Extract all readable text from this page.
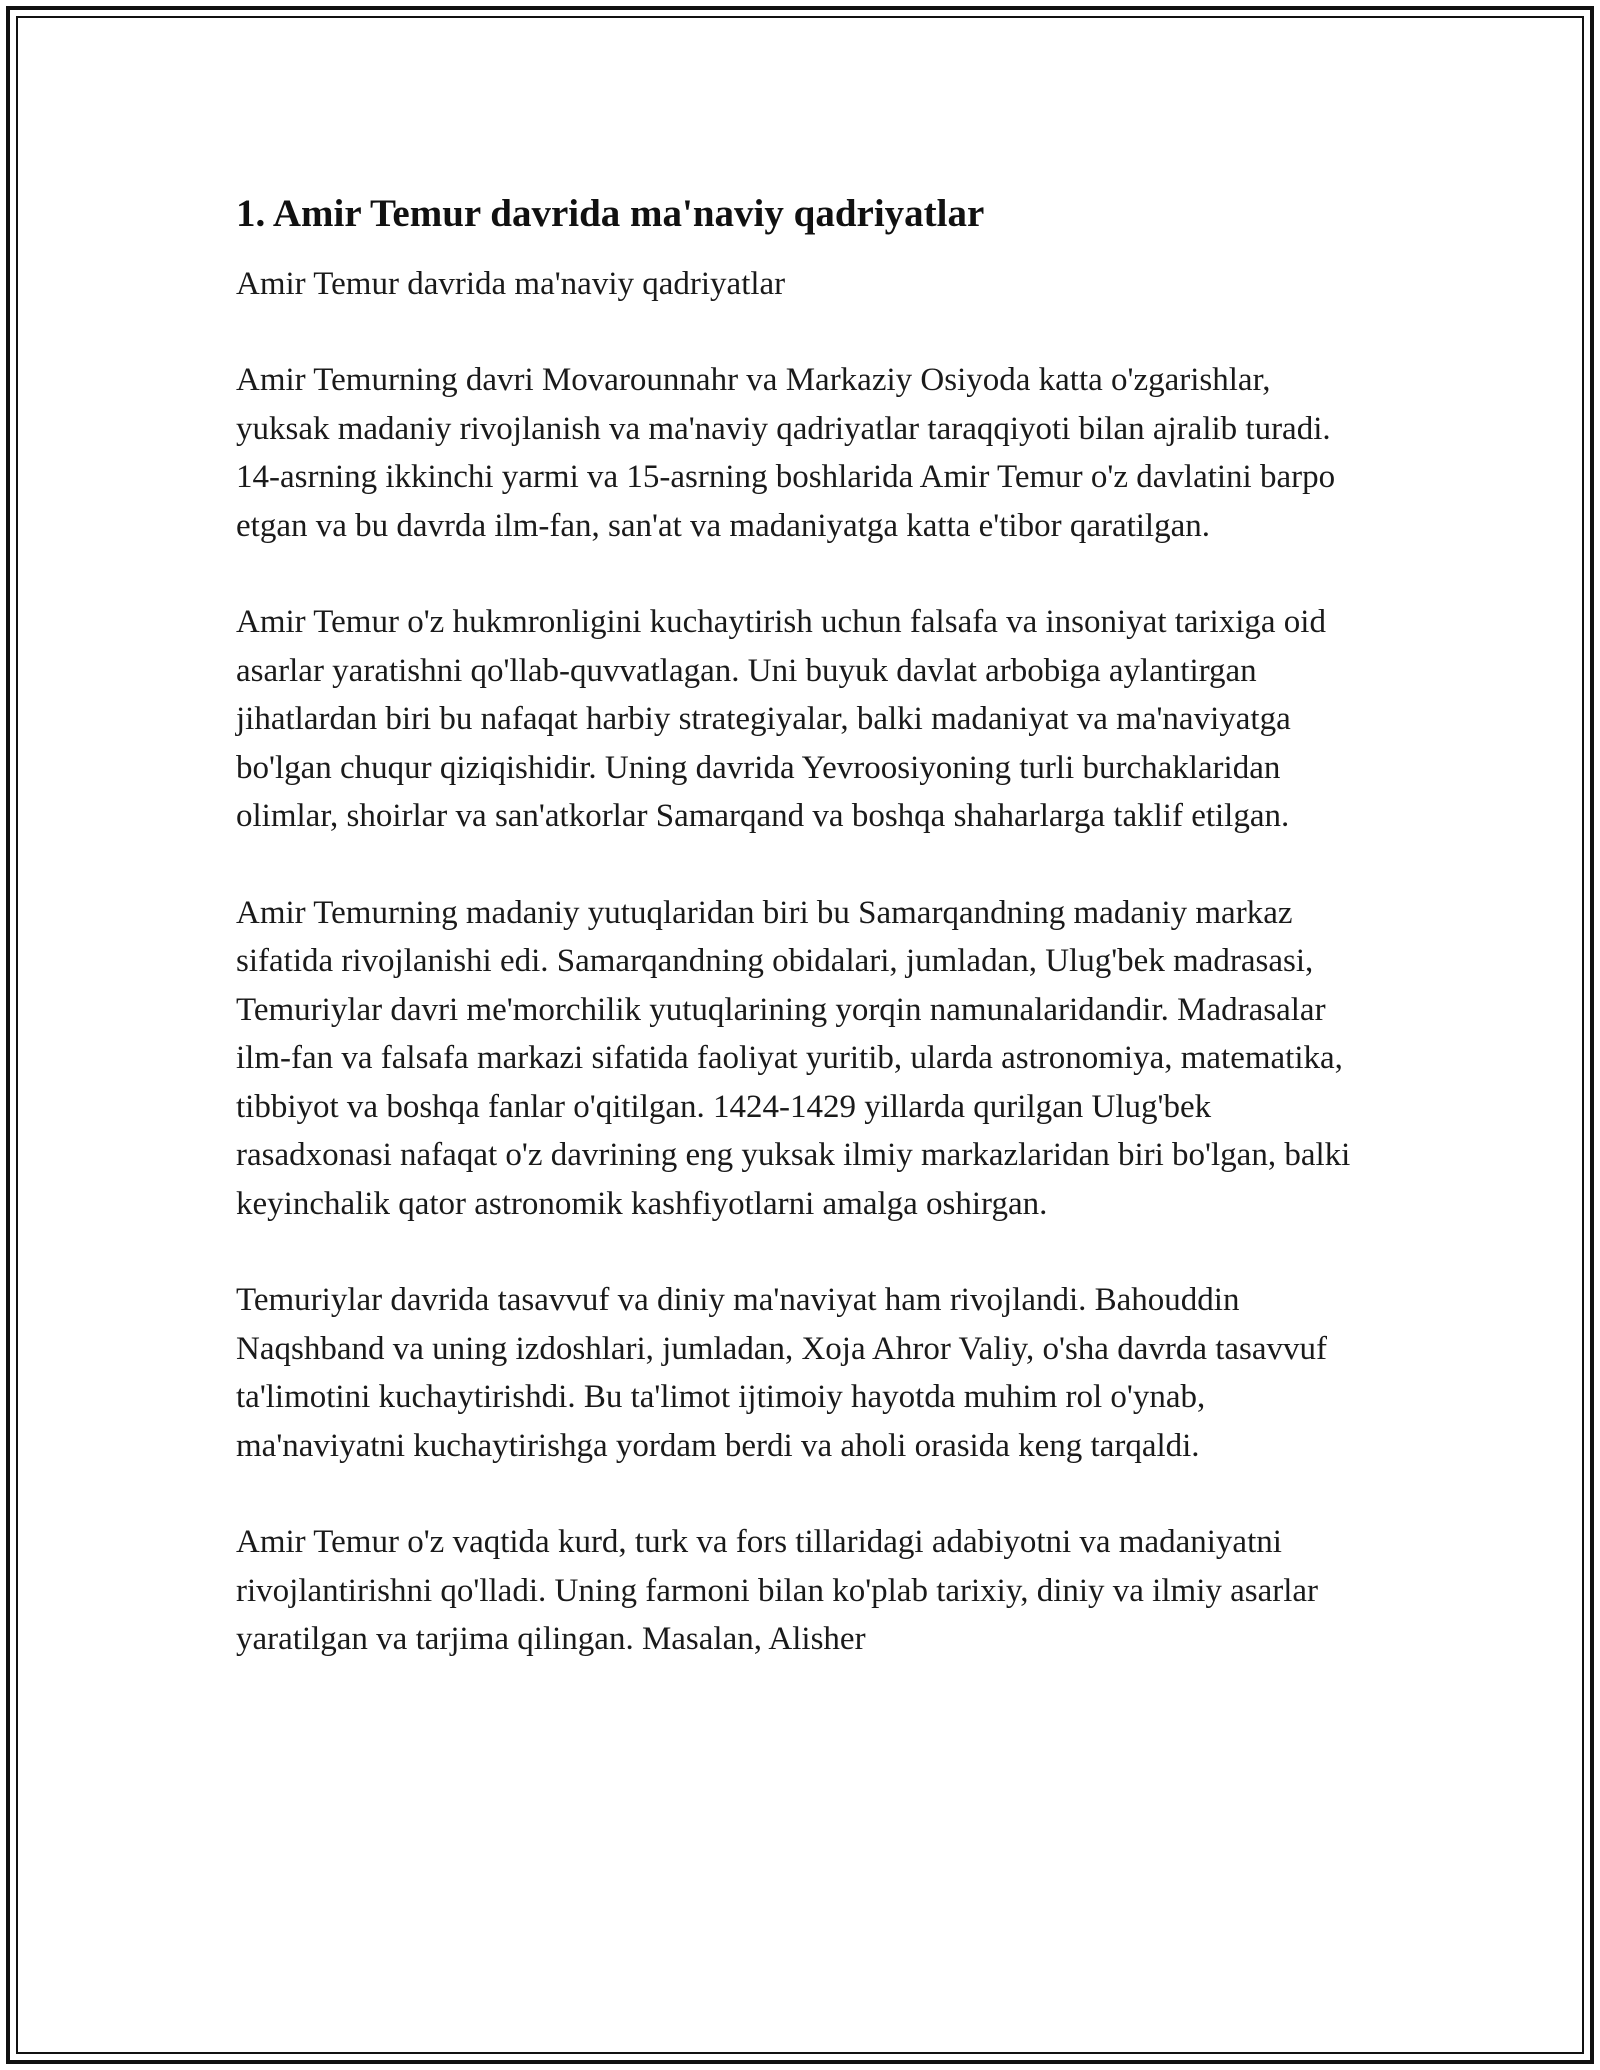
1. Amir Temur davrida ma'naviy qadriyatlar

Amir Temur davrida ma'naviy qadriyatlar

Amir Temurning davri Movarounnahr va Markaziy Osiyoda katta o'zgarishlar, yuksak madaniy rivojlanish va ma'naviy qadriyatlar taraqqiyoti bilan ajralib turadi. 14-asrning ikkinchi yarmi va 15-asrning boshlarida Amir Temur o'z davlatini barpo etgan va bu davrda ilm-fan, san'at va madaniyatga katta e'tibor qaratilgan.

Amir Temur o'z hukmronligini kuchaytirish uchun falsafa va insoniyat tarixiga oid asarlar yaratishni qo'llab-quvvatlagan. Uni buyuk davlat arbobiga aylantirgan jihatlardan biri bu nafaqat harbiy strategiyalar, balki madaniyat va ma'naviyatga bo'lgan chuqur qiziqishidir. Uning davrida Yevroosiyoning turli burchaklaridan olimlar, shoirlar va san'atkorlar Samarqand va boshqa shaharlarga taklif etilgan.

Amir Temurning madaniy yutuqlaridan biri bu Samarqandning madaniy markaz sifatida rivojlanishi edi. Samarqandning obidalari, jumladan, Ulug'bek madrasasi, Temuriylar davri me'morchilik yutuqlarining yorqin namunalaridandir. Madrasalar ilm-fan va falsafa markazi sifatida faoliyat yuritib, ularda astronomiya, matematika, tibbiyot va boshqa fanlar o'qitilgan. 1424-1429 yillarda qurilgan Ulug'bek rasadxonasi nafaqat o'z davrining eng yuksak ilmiy markazlaridan biri bo'lgan, balki keyinchalik qator astronomik kashfiyotlarni amalga oshirgan.

Temuriylar davrida tasavvuf va diniy ma'naviyat ham rivojlandi. Bahouddin Naqshband va uning izdoshlari, jumladan, Xoja Ahror Valiy, o'sha davrda tasavvuf ta'limotini kuchaytirishdi. Bu ta'limot ijtimoiy hayotda muhim rol o'ynab, ma'naviyatni kuchaytirishga yordam berdi va aholi orasida keng tarqaldi.

Amir Temur o'z vaqtida kurd, turk va fors tillaridagi adabiyotni va madaniyatni rivojlantirishni qo'lladi. Uning farmoni bilan ko'plab tarixiy, diniy va ilmiy asarlar yaratilgan va tarjima qilingan. Masalan, Alisher
